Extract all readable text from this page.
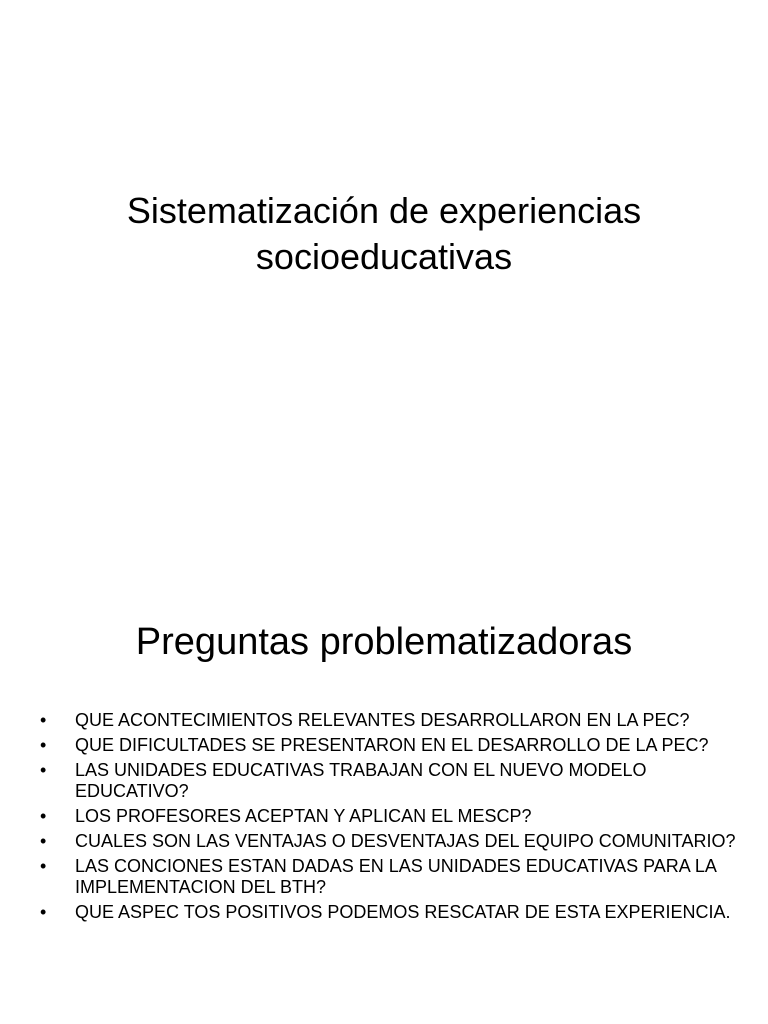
Sistematización de experiencias
socioeducativas
Preguntas problematizadoras
•	QUE ACONTECIMIENTOS RELEVANTES DESARROLLARON EN LA PEC?
•	QUE DIFICULTADES SE PRESENTARON EN EL DESARROLLO DE LA PEC?
•	LAS UNIDADES EDUCATIVAS TRABAJAN CON EL NUEVO MODELO EDUCATIVO?
•	LOS PROFESORES ACEPTAN Y APLICAN EL MESCP?
•	CUALES SON LAS VENTAJAS O DESVENTAJAS DEL EQUIPO COMUNITARIO?
•	LAS CONCIONES ESTAN DADAS EN LAS UNIDADES EDUCATIVAS PARA LA IMPLEMENTACION DEL BTH?
•	QUE ASPEC TOS POSITIVOS PODEMOS RESCATAR DE ESTA EXPERIENCIA.
